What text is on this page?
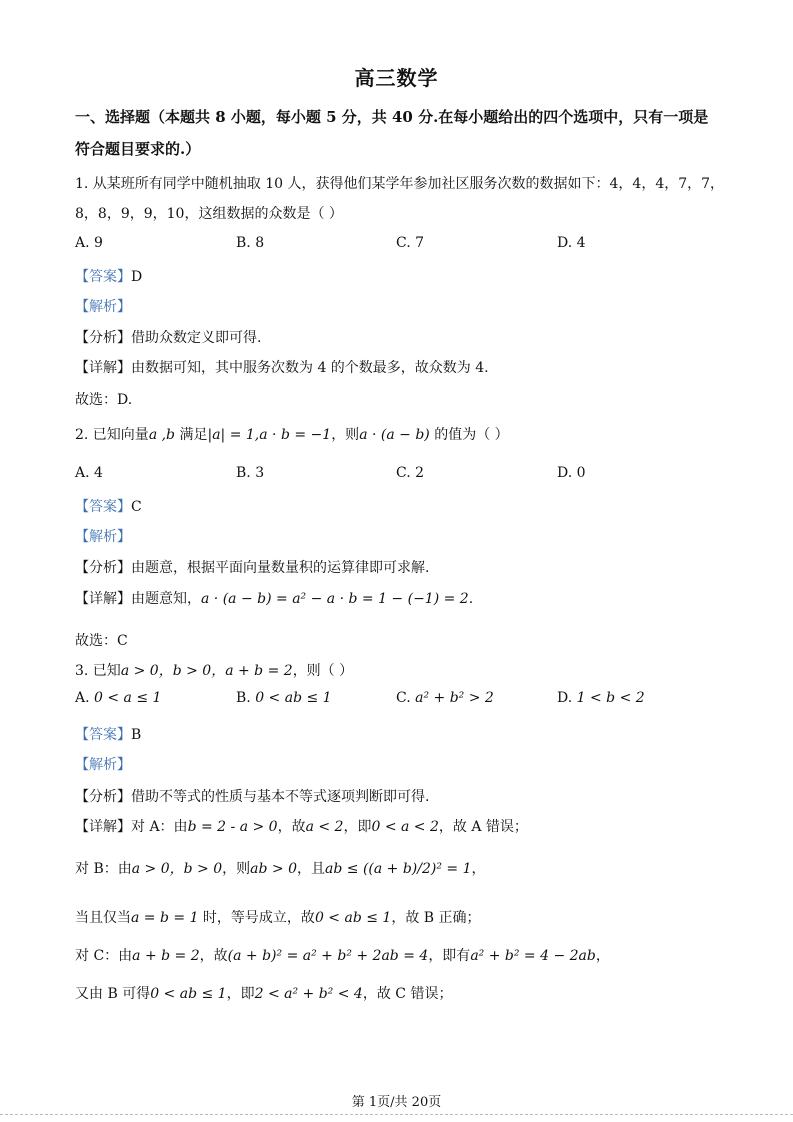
高三数学
一、选择题（本题共 8 小题，每小题 5 分，共 40 分.在每小题给出的四个选项中，只有一项是
符合题目要求的.）
1. 从某班所有同学中随机抽取 10 人，获得他们某学年参加社区服务次数的数据如下：4，4，4，7，7，
8，8，9，9，10，这组数据的众数是（ ）
A. 9	B. 8	C. 7	D. 4
【答案】D
【解析】
【分析】借助众数定义即可得.
【详解】由数据可知，其中服务次数为 4 的个数最多，故众数为 4.
故选：D.
2. 已知向量a ,b 满足|a| = 1,a · b = −1，则a · (a − b) 的值为（ ）
A. 4	B. 3	C. 2	D. 0
【答案】C
【解析】
【分析】由题意，根据平面向量数量积的运算律即可求解.
【详解】由题意知，a · (a − b) = a² − a · b = 1 − (−1) = 2.
故选：C
3. 已知a > 0，b > 0，a + b = 2，则（ ）
A. 0 < a ≤ 1	B. 0 < ab ≤ 1	C. a² + b² > 2	D. 1 < b < 2
【答案】B
【解析】
【分析】借助不等式的性质与基本不等式逐项判断即可得.
【详解】对 A：由b = 2 - a > 0，故a < 2，即0 < a < 2，故 A 错误；
对 B：由a > 0，b > 0，则ab > 0，且ab ≤ ((a + b)/2)² = 1，
当且仅当a = b = 1 时，等号成立，故0 < ab ≤ 1，故 B 正确；
对 C：由a + b = 2，故(a + b)² = a² + b² + 2ab = 4，即有a² + b² = 4 − 2ab，
又由 B 可得0 < ab ≤ 1，即2 < a² + b² < 4，故 C 错误；
第 1页/共 20页
